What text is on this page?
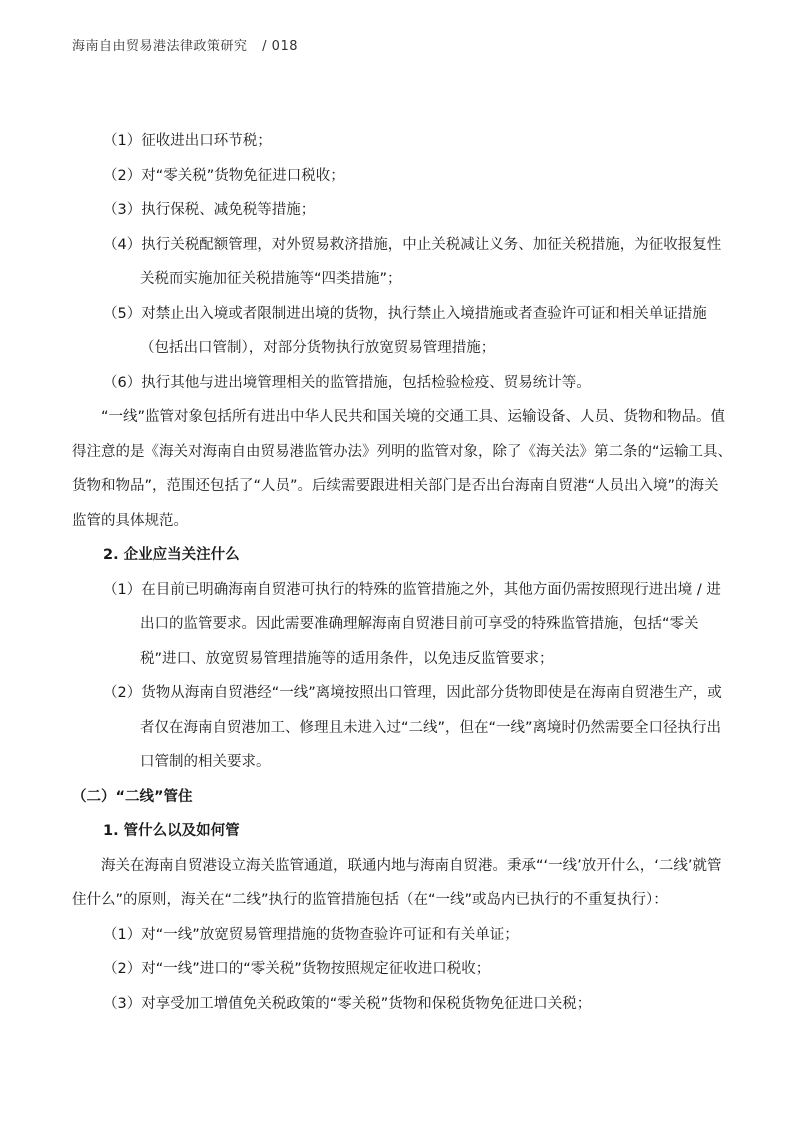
海南自由贸易港法律政策研究 / 018
（1）征收进出口环节税；
（2）对“零关税”货物免征进口税收；
（3）执行保税、减免税等措施；
（4）执行关税配额管理，对外贸易救济措施，中止关税减让义务、加征关税措施，为征收报复性关税而实施加征关税措施等“四类措施”；
（5）对禁止出入境或者限制进出境的货物，执行禁止入境措施或者查验许可证和相关单证措施（包括出口管制），对部分货物执行放宽贸易管理措施；
（6）执行其他与进出境管理相关的监管措施，包括检验检疫、贸易统计等。
“一线”监管对象包括所有进出中华人民共和国关境的交通工具、运输设备、人员、货物和物品。值得注意的是《海关对海南自由贸易港监管办法》列明的监管对象，除了《海关法》第二条的“运输工具、货物和物品”，范围还包括了“人员”。后续需要跟进相关部门是否出台海南自贸港“人员出入境”的海关监管的具体规范。
2. 企业应当关注什么
（1）在目前已明确海南自贸港可执行的特殊的监管措施之外，其他方面仍需按照现行进出境 / 进出口的监管要求。因此需要准确理解海南自贸港目前可享受的特殊监管措施，包括“零关税”进口、放宽贸易管理措施等的适用条件，以免违反监管要求；
（2）货物从海南自贸港经“一线”离境按照出口管理，因此部分货物即使是在海南自贸港生产，或者仅在海南自贸港加工、修理且未进入过“二线”，但在“一线”离境时仍然需要全口径执行出口管制的相关要求。
（二）“二线”管住
1. 管什么以及如何管
海关在海南自贸港设立海关监管通道，联通内地与海南自贸港。秉承“‘一线’放开什么，‘二线’就管住什么”的原则，海关在“二线”执行的监管措施包括（在“一线”或岛内已执行的不重复执行）：
（1）对“一线”放宽贸易管理措施的货物查验许可证和有关单证；
（2）对“一线”进口的“零关税”货物按照规定征收进口税收；
（3）对享受加工增值免关税政策的“零关税”货物和保税货物免征进口关税；
